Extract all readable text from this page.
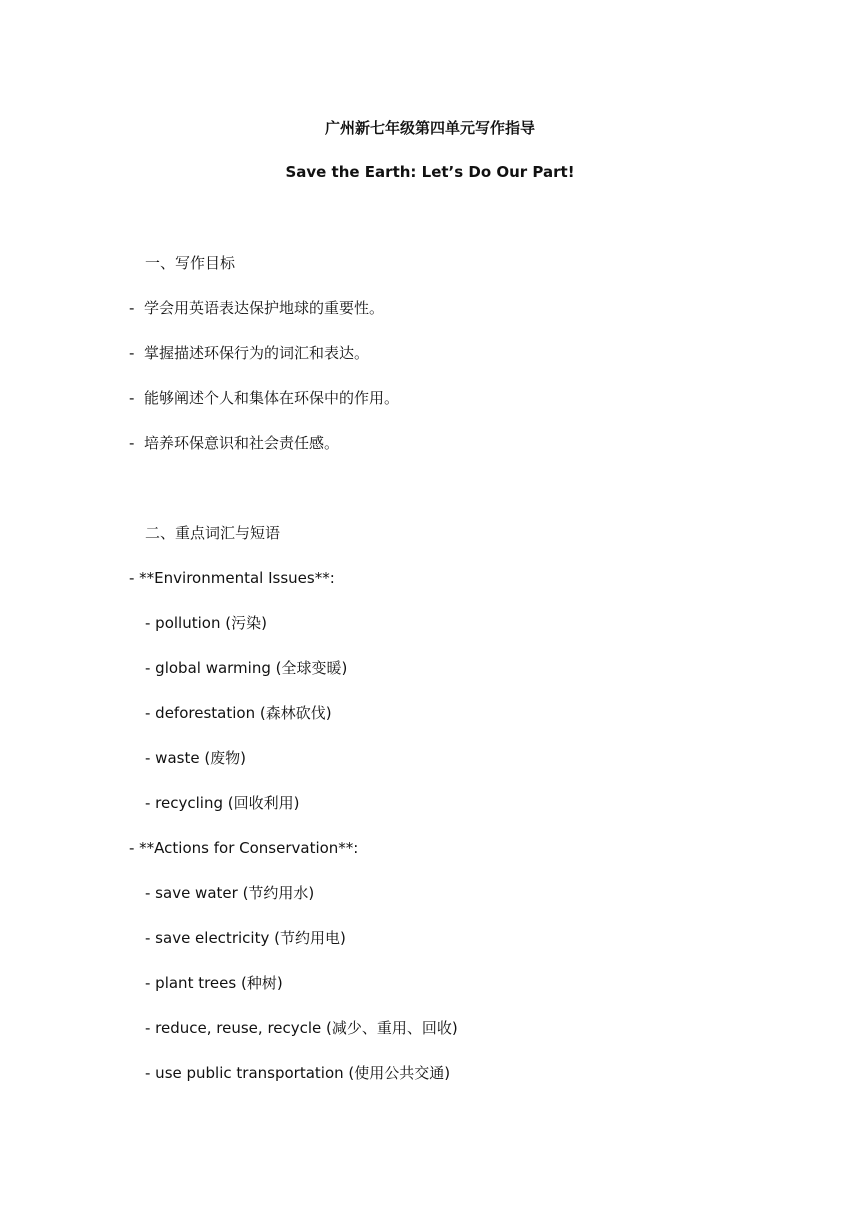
广州新七年级第四单元写作指导
Save the Earth: Let’s Do Our Part!
一、写作目标
-  学会用英语表达保护地球的重要性。
-  掌握描述环保行为的词汇和表达。
-  能够阐述个人和集体在环保中的作用。
-  培养环保意识和社会责任感。
二、重点词汇与短语
- **Environmental Issues**:
- pollution (污染)
- global warming (全球变暖)
- deforestation (森林砍伐)
- waste (废物)
- recycling (回收利用)
- **Actions for Conservation**:
- save water (节约用水)
- save electricity (节约用电)
- plant trees (种树)
- reduce, reuse, recycle (减少、重用、回收)
- use public transportation (使用公共交通)
